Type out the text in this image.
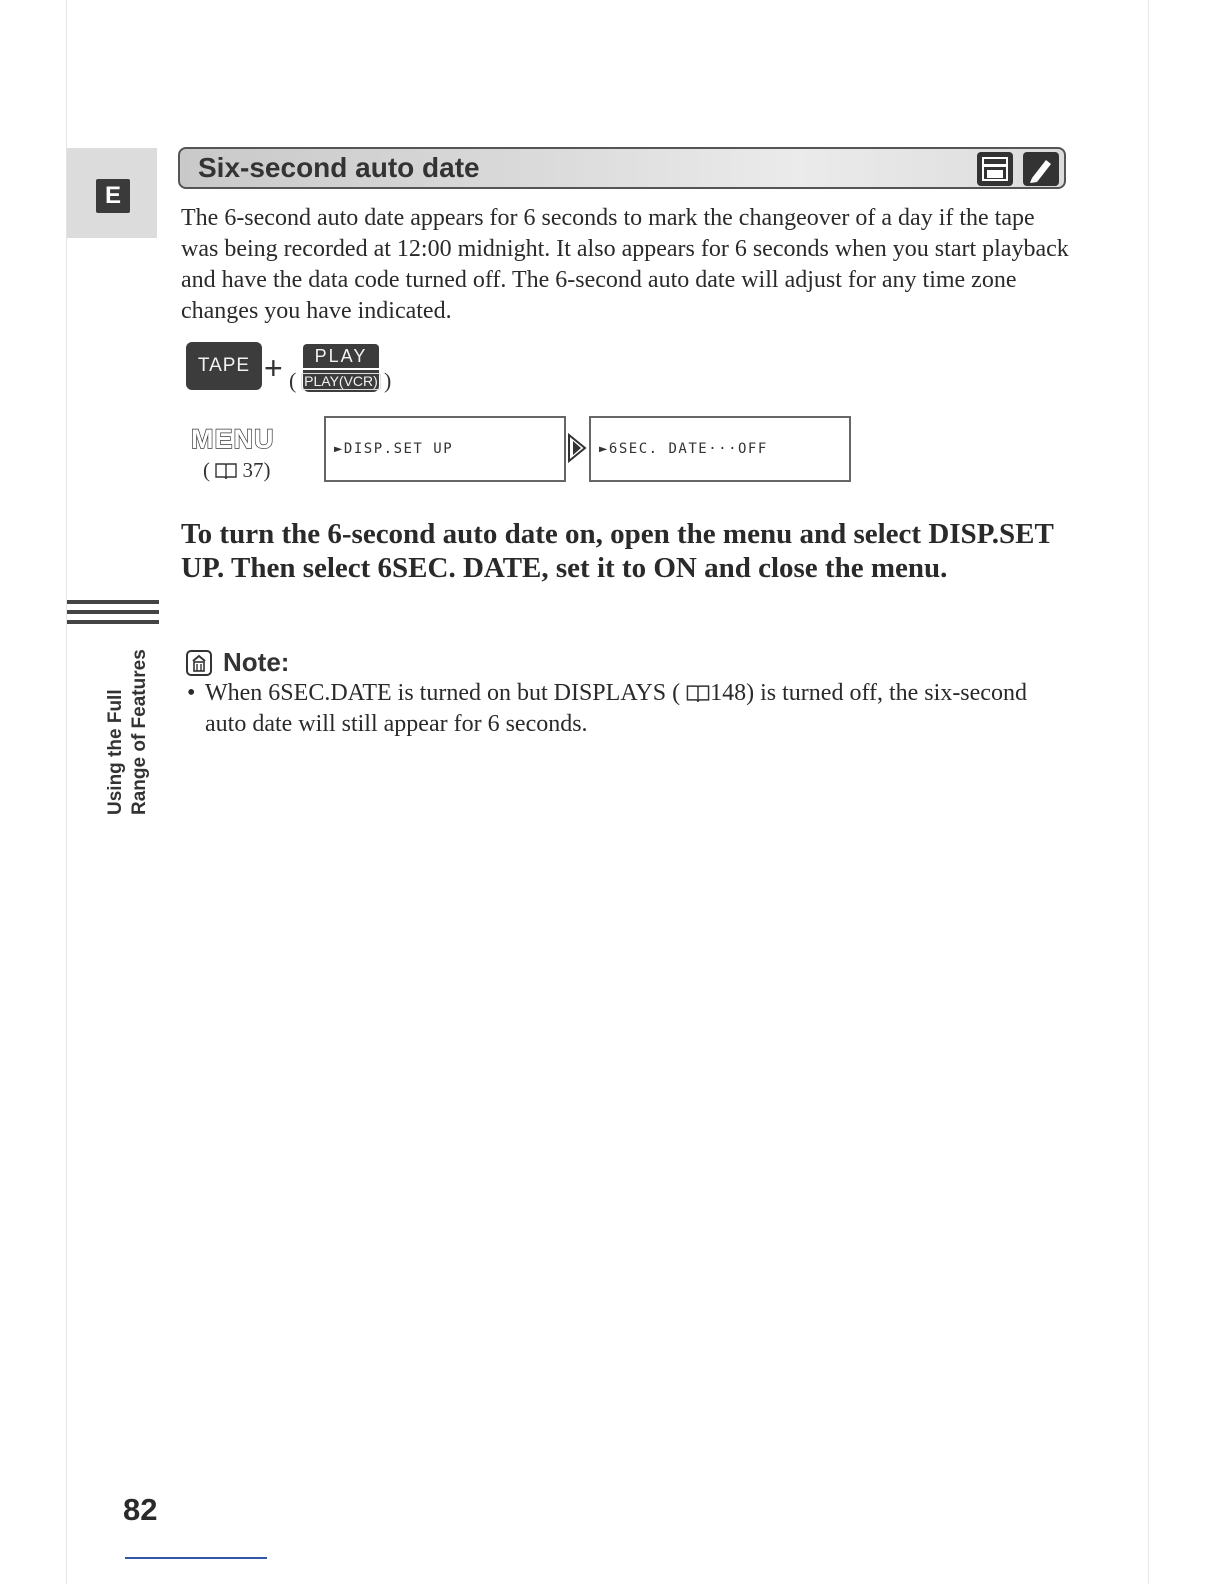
E
Six-second auto date
The 6-second auto date appears for 6 seconds to mark the changeover of a day if the tape was being recorded at 12:00 midnight. It also appears for 6 seconds when you start playback and have the data code turned off. The 6-second auto date will adjust for any time zone changes you have indicated.
TAPE + (
PLAY
PLAY(VCR) )
MENU
( 37)
►DISP.SET UP	►6SEC. DATE···OFF
To turn the 6-second auto date on, open the menu and select DISP.SET UP. Then select 6SEC. DATE, set it to ON and close the menu.
Using the Full Range of Features	Note:
• When 6SEC.DATE is turned on but DISPLAYS ( 148) is turned off, the six-second auto date will still appear for 6 seconds.
82
